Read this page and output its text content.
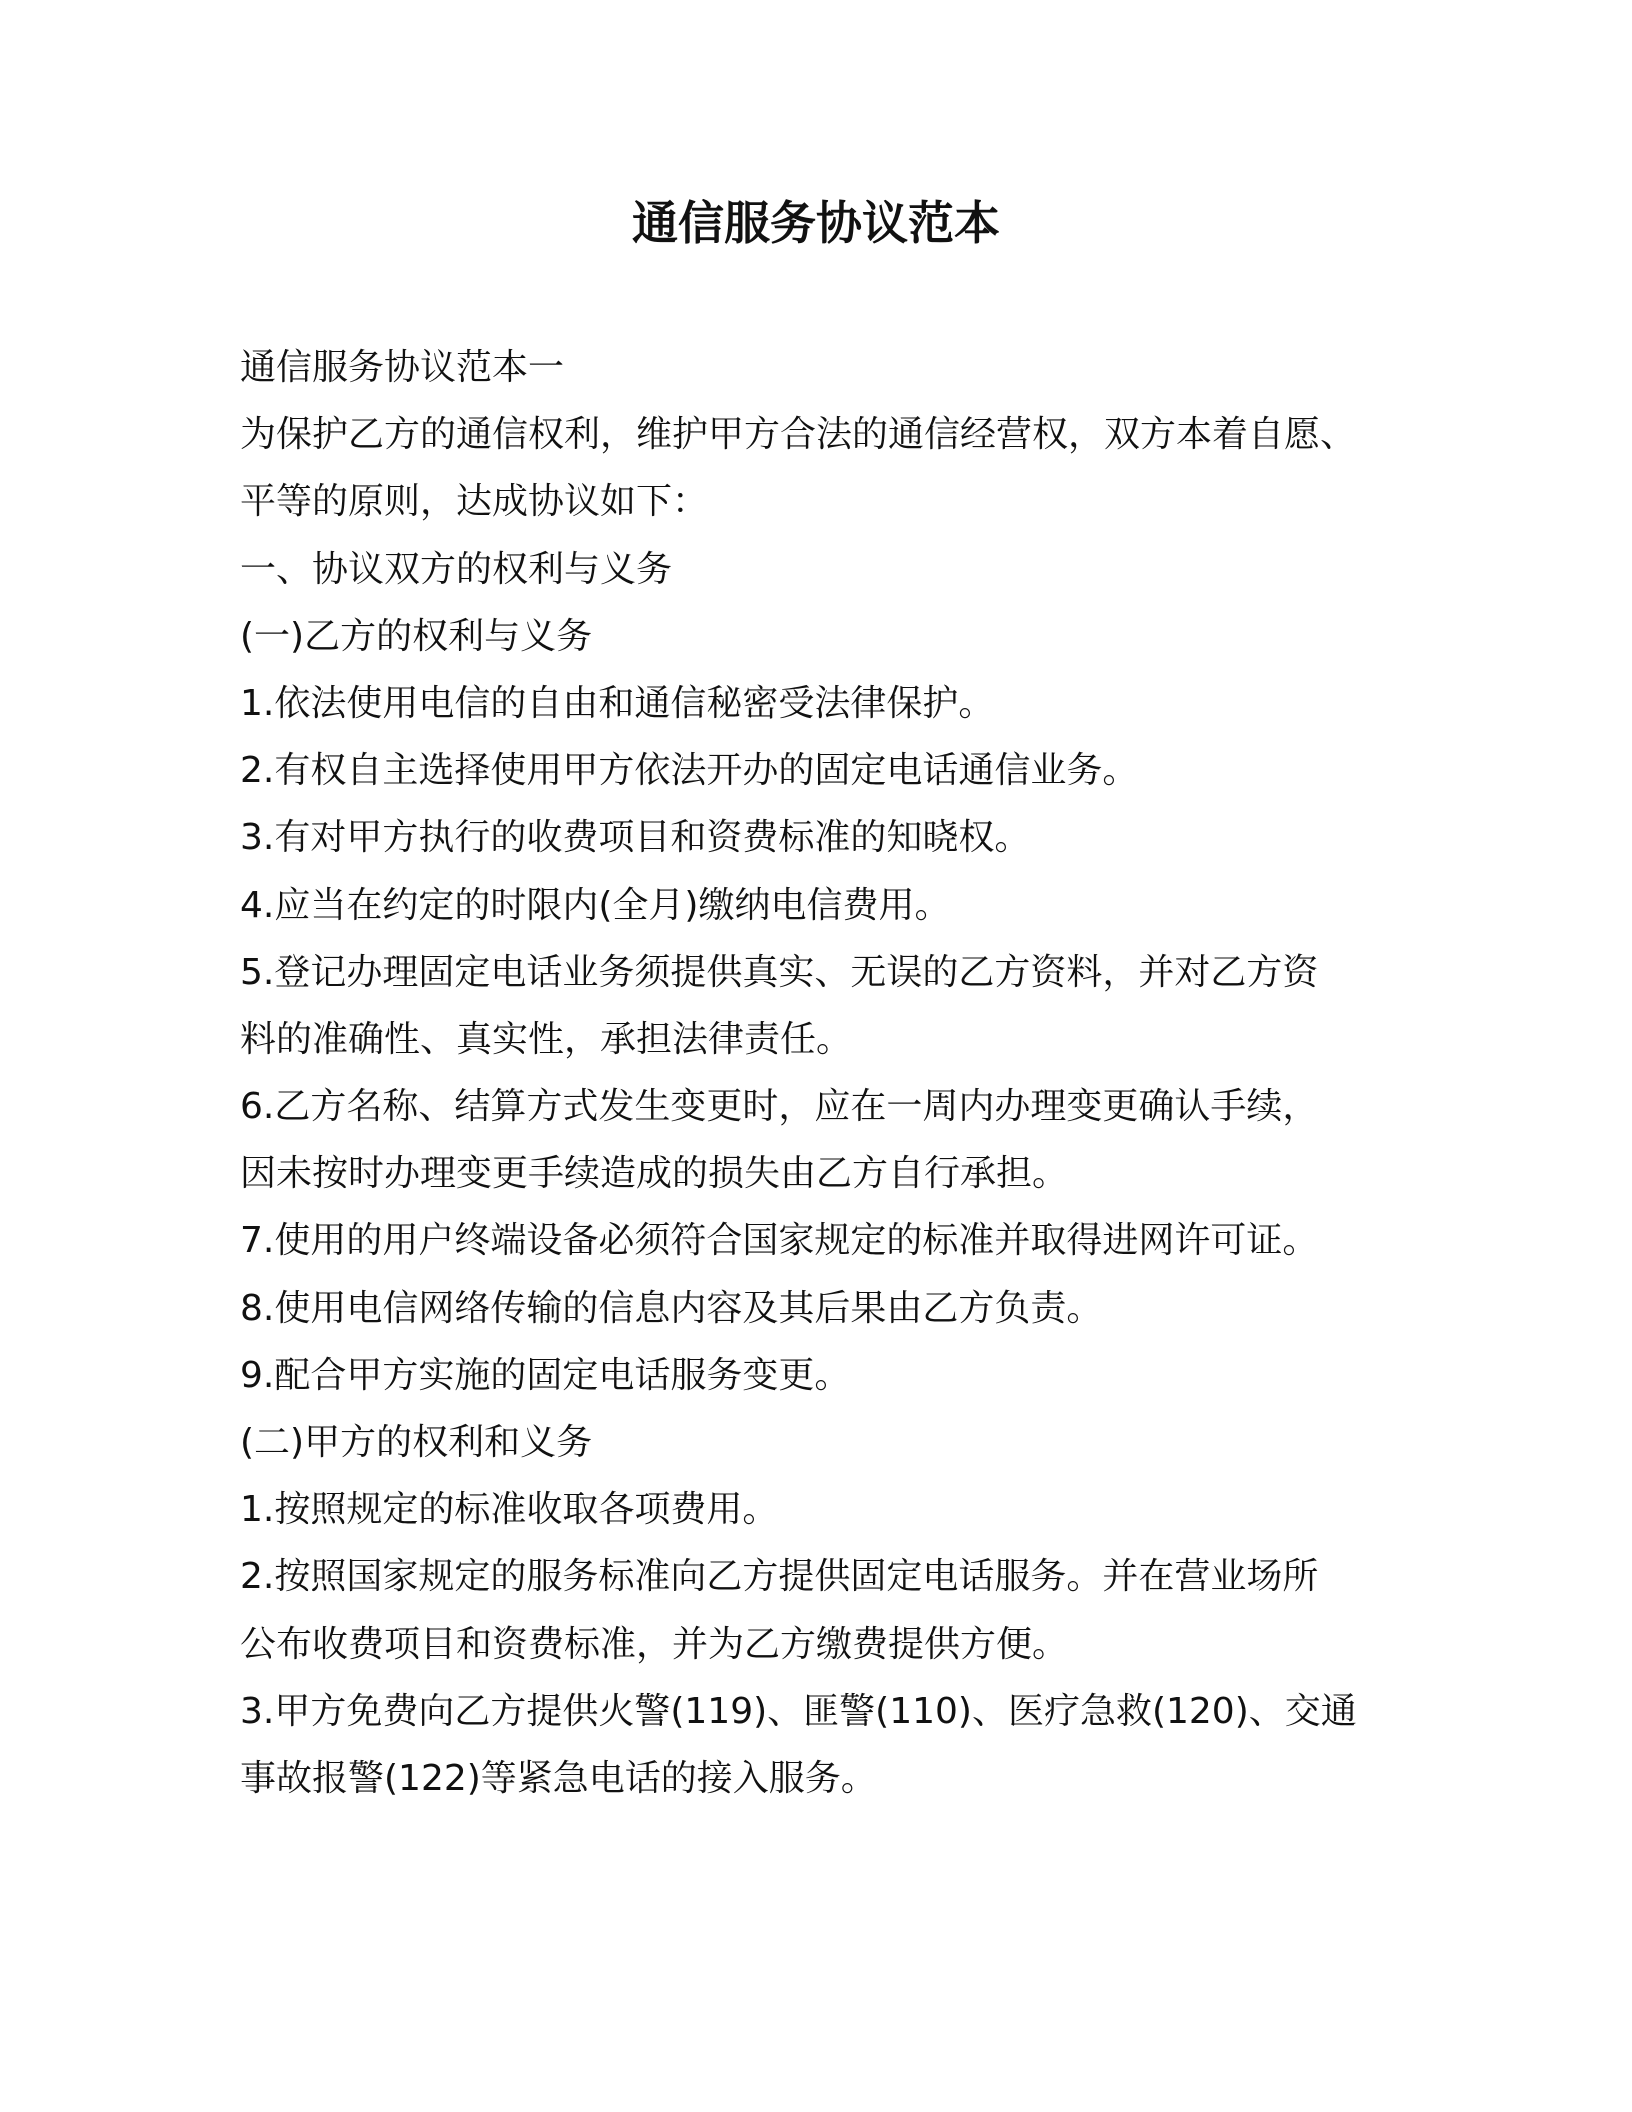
通信服务协议范本
通信服务协议范本一
为保护乙方的通信权利，维护甲方合法的通信经营权，双方本着自愿、
平等的原则，达成协议如下：
一、协议双方的权利与义务
(一)乙方的权利与义务
1.依法使用电信的自由和通信秘密受法律保护。
2.有权自主选择使用甲方依法开办的固定电话通信业务。
3.有对甲方执行的收费项目和资费标准的知晓权。
4.应当在约定的时限内(全月)缴纳电信费用。
5.登记办理固定电话业务须提供真实、无误的乙方资料，并对乙方资
料的准确性、真实性，承担法律责任。
6.乙方名称、结算方式发生变更时，应在一周内办理变更确认手续，
因未按时办理变更手续造成的损失由乙方自行承担。
7.使用的用户终端设备必须符合国家规定的标准并取得进网许可证。
8.使用电信网络传输的信息内容及其后果由乙方负责。
9.配合甲方实施的固定电话服务变更。
(二)甲方的权利和义务
1.按照规定的标准收取各项费用。
2.按照国家规定的服务标准向乙方提供固定电话服务。并在营业场所
公布收费项目和资费标准，并为乙方缴费提供方便。
3.甲方免费向乙方提供火警(119)、匪警(110)、医疗急救(120)、交通
事故报警(122)等紧急电话的接入服务。
